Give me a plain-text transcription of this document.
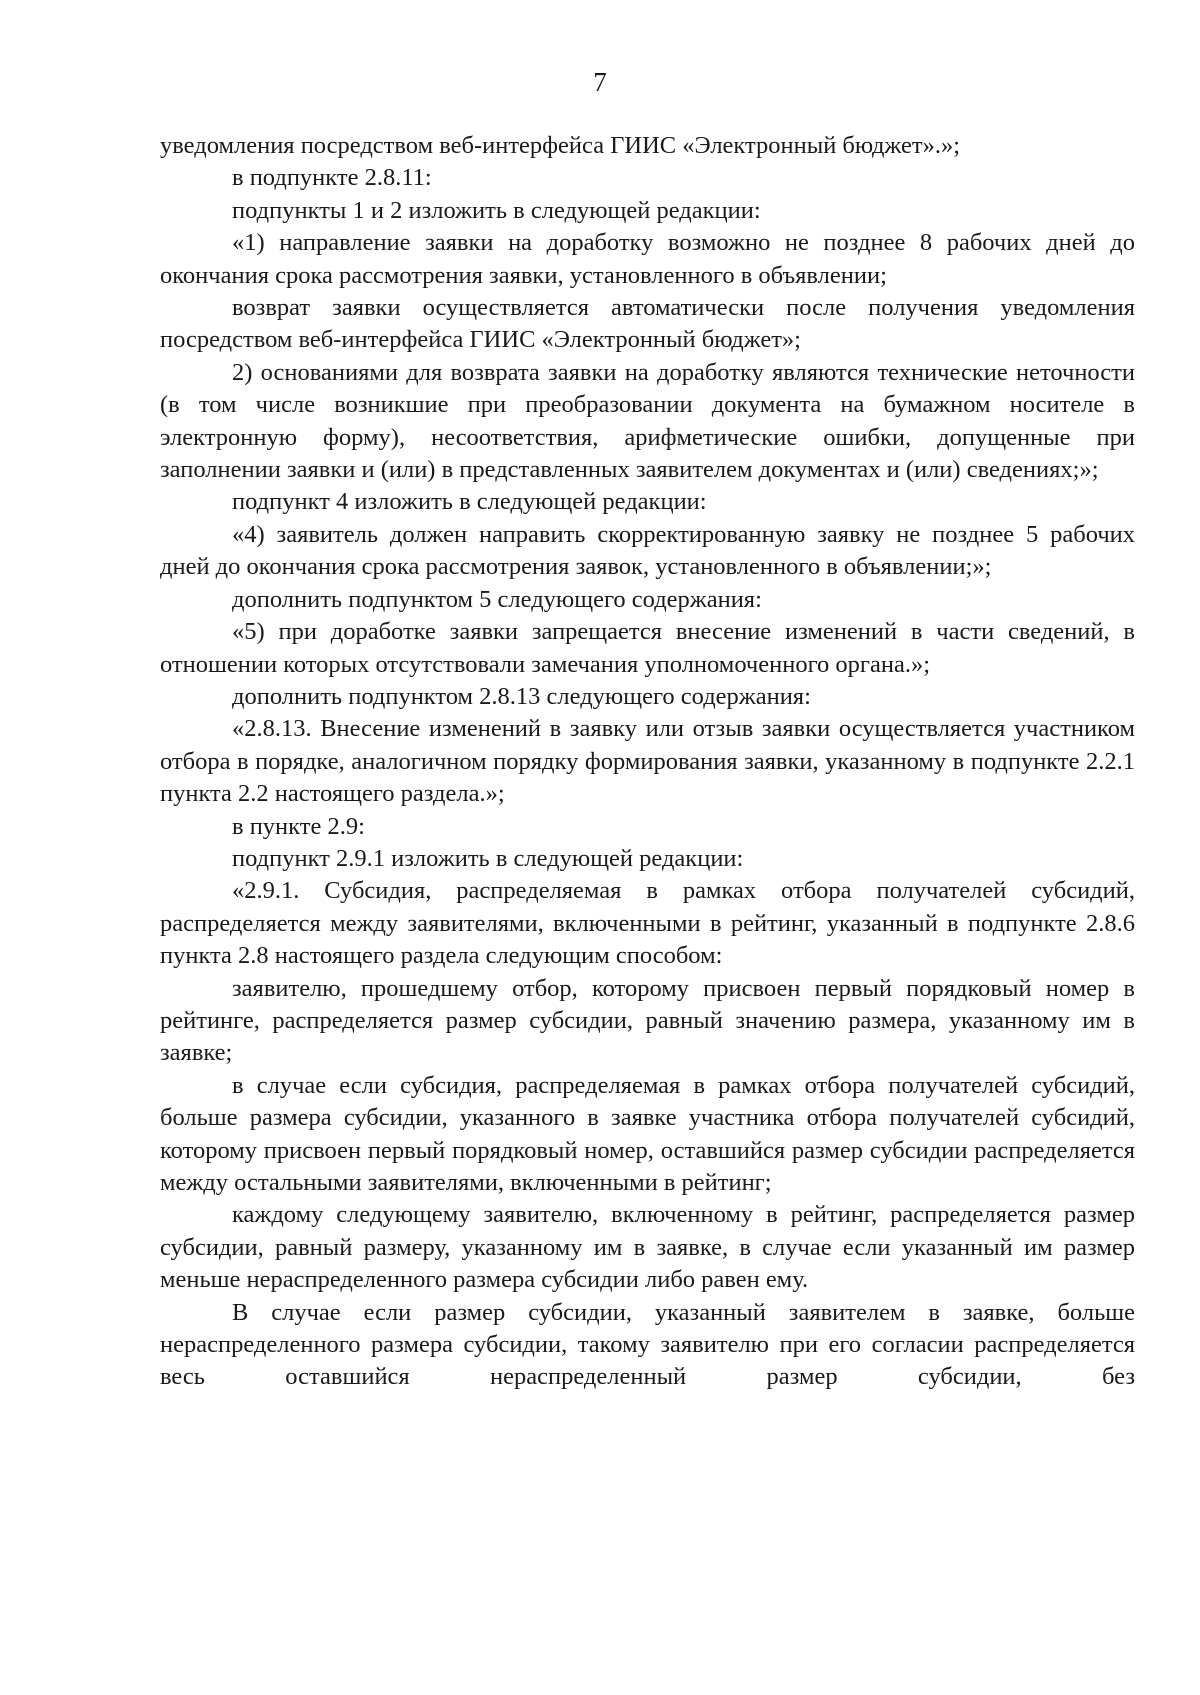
7

уведомления посредством веб-интерфейса ГИИС «Электронный бюджет».»;

в подпункте 2.8.11:

подпункты 1 и 2 изложить в следующей редакции:

«1) направление заявки на доработку возможно не позднее 8 рабочих дней до окончания срока рассмотрения заявки, установленного в объявлении;

возврат заявки осуществляется автоматически после получения уведомления посредством веб-интерфейса ГИИС «Электронный бюджет»;

2) основаниями для возврата заявки на доработку являются технические неточности (в том числе возникшие при преобразовании документа на бумажном носителе в электронную форму), несоответствия, арифметические ошибки, допущенные при заполнении заявки и (или) в представленных заявителем документах и (или) сведениях;»;

подпункт 4 изложить в следующей редакции:

«4) заявитель должен направить скорректированную заявку не позднее 5 рабочих дней до окончания срока рассмотрения заявок, установленного в объявлении;»;

дополнить подпунктом 5 следующего содержания:

«5) при доработке заявки запрещается внесение изменений в части сведений, в отношении которых отсутствовали замечания уполномоченного органа.»;

дополнить подпунктом 2.8.13 следующего содержания:

«2.8.13. Внесение изменений в заявку или отзыв заявки осуществляется участником отбора в порядке, аналогичном порядку формирования заявки, указанному в подпункте 2.2.1 пункта 2.2 настоящего раздела.»;

в пункте 2.9:

подпункт 2.9.1 изложить в следующей редакции:

«2.9.1. Субсидия, распределяемая в рамках отбора получателей субсидий, распределяется между заявителями, включенными в рейтинг, указанный в подпункте 2.8.6 пункта 2.8 настоящего раздела следующим способом:

заявителю, прошедшему отбор, которому присвоен первый порядковый номер в рейтинге, распределяется размер субсидии, равный значению размера, указанному им в заявке;

в случае если субсидия, распределяемая в рамках отбора получателей субсидий, больше размера субсидии, указанного в заявке участника отбора получателей субсидий, которому присвоен первый порядковый номер, оставшийся размер субсидии распределяется между остальными заявителями, включенными в рейтинг;

каждому следующему заявителю, включенному в рейтинг, распределяется размер субсидии, равный размеру, указанному им в заявке, в случае если указанный им размер меньше нераспределенного размера субсидии либо равен ему.

В случае если размер субсидии, указанный заявителем в заявке, больше нераспределенного размера субсидии, такому заявителю при его согласии распределяется весь оставшийся нераспределенный размер субсидии, без
